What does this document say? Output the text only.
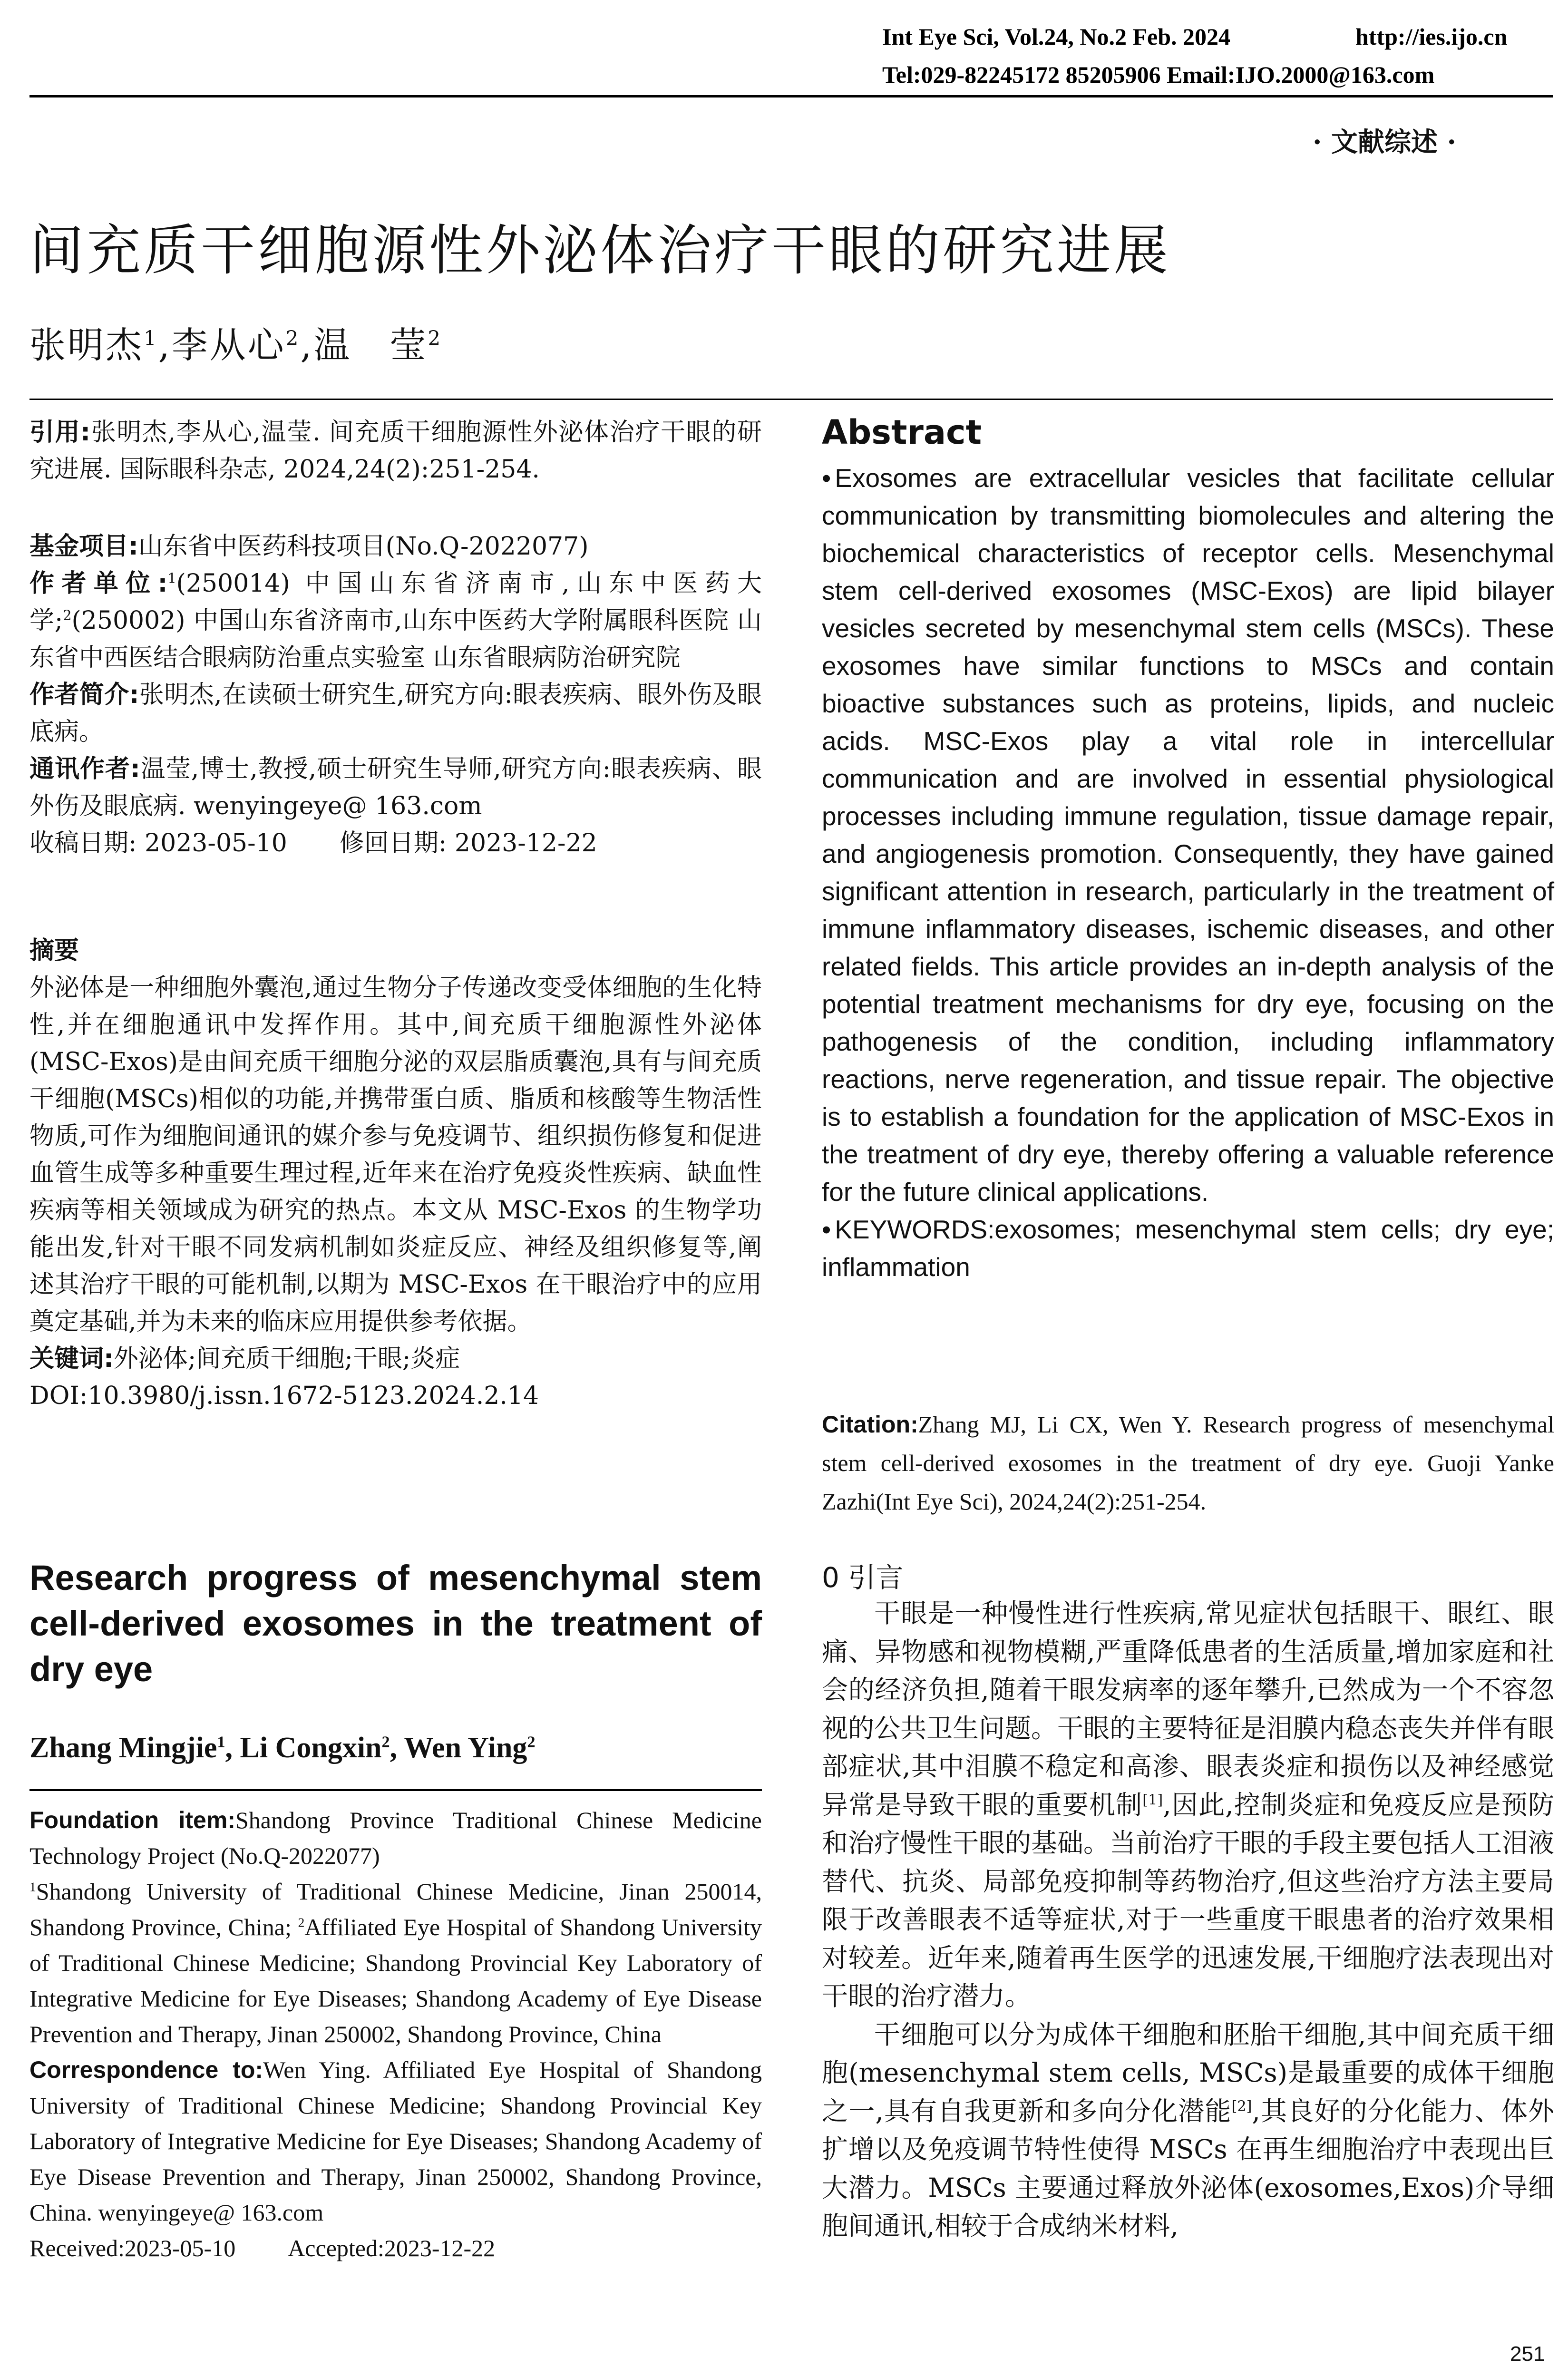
Int Eye Sci, Vol.24, No.2 Feb. 2024	http://ies.ijo.cn
Tel:029-82245172 85205906 Email:IJO.2000@163.com
· 文献综述 ·
间充质干细胞源性外泌体治疗干眼的研究进展
张明杰$^1$,李从心$^2$,温　莹$^2$
引用:张明杰,李从心,温莹. 间充质干细胞源性外泌体治疗干眼的研究进展. 国际眼科杂志, 2024,24(2):251-254.

基金项目:山东省中医药科技项目(No.Q-2022077)

作者单位:$^1$(250014) 中国山东省济南市,山东中医药大学;$^2$(250002) 中国山东省济南市,山东中医药大学附属眼科医院 山东省中西医结合眼病防治重点实验室 山东省眼病防治研究院

作者简介:张明杰,在读硕士研究生,研究方向:眼表疾病、眼外伤及眼底病。

通讯作者:温莹,博士,教授,硕士研究生导师,研究方向:眼表疾病、眼外伤及眼底病. wenyingeye@ 163.com

收稿日期: 2023-05-10 修回日期: 2023-12-22

摘要

外泌体是一种细胞外囊泡,通过生物分子传递改变受体细胞的生化特性,并在细胞通讯中发挥作用。其中,间充质干细胞源性外泌体(MSC-Exos)是由间充质干细胞分泌的双层脂质囊泡,具有与间充质干细胞(MSCs)相似的功能,并携带蛋白质、脂质和核酸等生物活性物质,可作为细胞间通讯的媒介参与免疫调节、组织损伤修复和促进血管生成等多种重要生理过程,近年来在治疗免疫炎性疾病、缺血性疾病等相关领域成为研究的热点。本文从 MSC-Exos 的生物学功能出发,针对干眼不同发病机制如炎症反应、神经及组织修复等,阐述其治疗干眼的可能机制,以期为 MSC-Exos 在干眼治疗中的应用奠定基础,并为未来的临床应用提供参考依据。

关键词:外泌体;间充质干细胞;干眼;炎症

DOI:10.3980/j.issn.1672-5123.2024.2.14

Research progress of mesenchymal stem cell-derived exosomes in the treatment of dry eye
Zhang Mingjie$^1$, Li Congxin$^2$, Wen Ying$^2$

Foundation item:Shandong Province Traditional Chinese Medicine Technology Project (No.Q-2022077)

$^1$Shandong University of Traditional Chinese Medicine, Jinan 250014, Shandong Province, China; $^2$Affiliated Eye Hospital of Shandong University of Traditional Chinese Medicine; Shandong Provincial Key Laboratory of Integrative Medicine for Eye Diseases; Shandong Academy of Eye Disease Prevention and Therapy, Jinan 250002, Shandong Province, China

Correspondence to:Wen Ying. Affiliated Eye Hospital of Shandong University of Traditional Chinese Medicine; Shandong Provincial Key Laboratory of Integrative Medicine for Eye Diseases; Shandong Academy of Eye Disease Prevention and Therapy, Jinan 250002, Shandong Province, China. wenyingeye@ 163.com

Received:2023-05-10 Accepted:2023-12-22

Abstract

• Exosomes are extracellular vesicles that facilitate cellular communication by transmitting biomolecules and altering the biochemical characteristics of receptor cells. Mesenchymal stem cell-derived exosomes (MSC-Exos) are lipid bilayer vesicles secreted by mesenchymal stem cells (MSCs). These exosomes have similar functions to MSCs and contain bioactive substances such as proteins, lipids, and nucleic acids. MSC-Exos play a vital role in intercellular communication and are involved in essential physiological processes including immune regulation, tissue damage repair, and angiogenesis promotion. Consequently, they have gained significant attention in research, particularly in the treatment of immune inflammatory diseases, ischemic diseases, and other related fields. This article provides an in-depth analysis of the potential treatment mechanisms for dry eye, focusing on the pathogenesis of the condition, including inflammatory reactions, nerve regeneration, and tissue repair. The objective is to establish a foundation for the application of MSC-Exos in the treatment of dry eye, thereby offering a valuable reference for the future clinical applications.

• KEYWORDS:exosomes; mesenchymal stem cells; dry eye; inflammation

Citation:Zhang MJ, Li CX, Wen Y. Research progress of mesenchymal stem cell-derived exosomes in the treatment of dry eye. Guoji Yanke Zazhi(Int Eye Sci), 2024,24(2):251-254.
0 引言

干眼是一种慢性进行性疾病,常见症状包括眼干、眼红、眼痛、异物感和视物模糊,严重降低患者的生活质量,增加家庭和社会的经济负担,随着干眼发病率的逐年攀升,已然成为一个不容忽视的公共卫生问题。干眼的主要特征是泪膜内稳态丧失并伴有眼部症状,其中泪膜不稳定和高渗、眼表炎症和损伤以及神经感觉异常是导致干眼的重要机制[1],因此,控制炎症和免疫反应是预防和治疗慢性干眼的基础。当前治疗干眼的手段主要包括人工泪液替代、抗炎、局部免疫抑制等药物治疗,但这些治疗方法主要局限于改善眼表不适等症状,对于一些重度干眼患者的治疗效果相对较差。近年来,随着再生医学的迅速发展,干细胞疗法表现出对干眼的治疗潜力。

干细胞可以分为成体干细胞和胚胎干细胞,其中间充质干细胞(mesenchymal stem cells, MSCs)是最重要的成体干细胞之一,具有自我更新和多向分化潜能[2],其良好的分化能力、体外扩增以及免疫调节特性使得 MSCs 在再生细胞治疗中表现出巨大潜力。MSCs 主要通过释放外泌体(exosomes,Exos)介导细胞间通讯,相较于合成纳米材料,

251
